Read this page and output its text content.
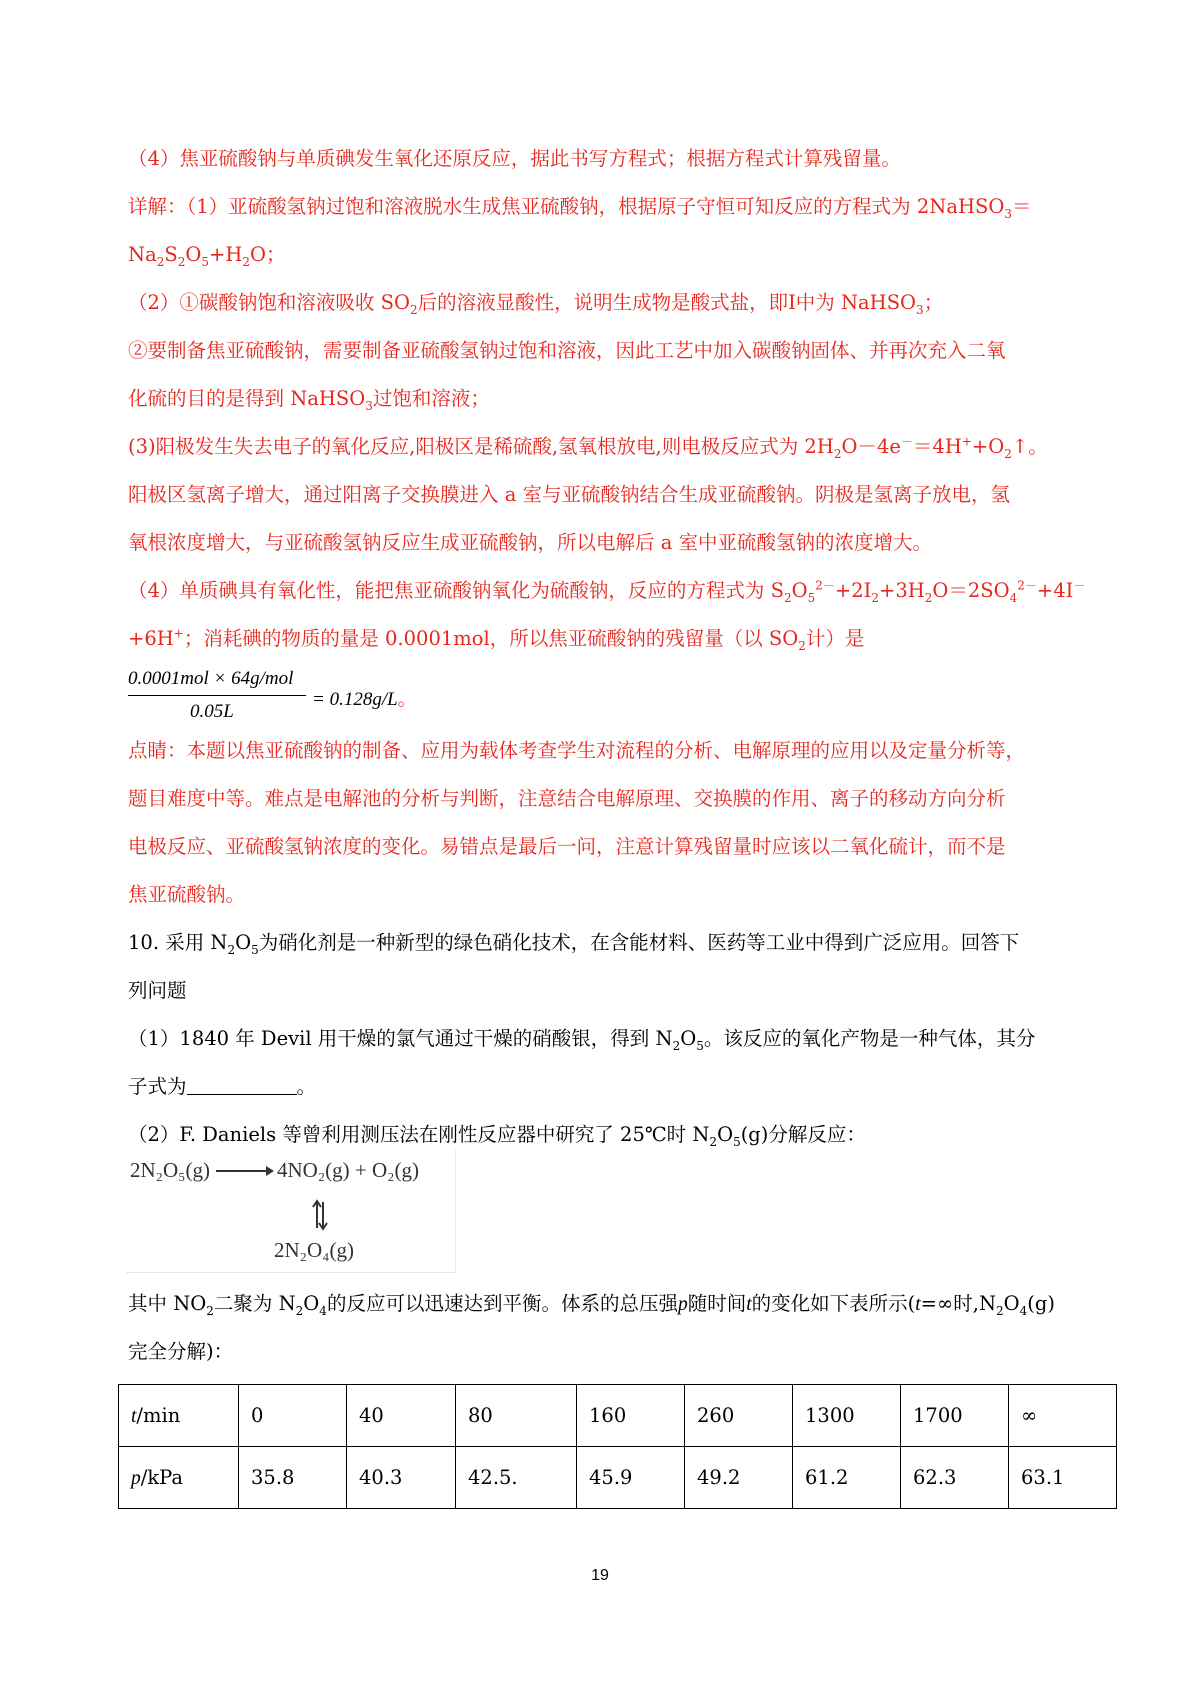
（4）焦亚硫酸钠与单质碘发生氧化还原反应，据此书写方程式；根据方程式计算残留量。
详解：（1）亚硫酸氢钠过饱和溶液脱水生成焦亚硫酸钠，根据原子守恒可知反应的方程式为 2NaHSO$_3$＝
$Na_2S_2O_5+H_2O$；
（2）①碳酸钠饱和溶液吸收 $SO_2$后的溶液显酸性，说明生成物是酸式盐，即Ⅰ中为 NaHSO$_3$；
②要制备焦亚硫酸钠，需要制备亚硫酸氢钠过饱和溶液，因此工艺中加入碳酸钠固体、并再次充入二氧
化硫的目的是得到 NaHSO$_3$过饱和溶液；
(3)阳极发生失去电子的氧化反应,阳极区是稀硫酸,氢氧根放电,则电极反应式为 $2H_2O-4e^-=4H^++O_2↑$。
阳极区氢离子增大，通过阳离子交换膜进入 a 室与亚硫酸钠结合生成亚硫酸钠。阴极是氢离子放电，氢
氧根浓度增大，与亚硫酸氢钠反应生成亚硫酸钠，所以电解后 a 室中亚硫酸氢钠的浓度增大。
（4）单质碘具有氧化性，能把焦亚硫酸钠氧化为硫酸钠，反应的方程式为 $S_2O_5^{2-}+2I_2+3H_2O=2SO_4^{2-}+4I^-$
+6H+；消耗碘的物质的量是 0.0001mol，所以焦亚硫酸钠的残留量（以 $SO_2$计）是
0.0001mol × 64g/mol
0.05L
= 0.128g/L。
点睛：本题以焦亚硫酸钠的制备、应用为载体考查学生对流程的分析、电解原理的应用以及定量分析等，
题目难度中等。难点是电解池的分析与判断，注意结合电解原理、交换膜的作用、离子的移动方向分析
电极反应、亚硫酸氢钠浓度的变化。易错点是最后一问，注意计算残留量时应该以二氧化硫计，而不是
焦亚硫酸钠。
10. 采用 $N_2O_5$为硝化剂是一种新型的绿色硝化技术，在含能材料、医药等工业中得到广泛应用。回答下
列问题
（1）1840 年 Devil 用干燥的氯气通过干燥的硝酸银，得到 $N_2O_5$。该反应的氧化产物是一种气体，其分
子式为	。
（2）F. Daniels 等曾利用测压法在刚性反应器中研究了 25℃时 $N_2O_5(g)$分解反应：
2N₂O₅(g) → 4NO₂(g) + O₂(g)
2N₂O₄(g)
其中 $NO_2$二聚为 $N_2O_4$的反应可以迅速达到平衡。体系的总压强p随时间t的变化如下表所示(t=∞时$,N_2O_4(g)$
完全分解)：
t/min	0	40	80	160	260	1300	1700	∞
p/kPa	35.8	40.3	42.5.	45.9	49.2	61.2	62.3	63.1
19
